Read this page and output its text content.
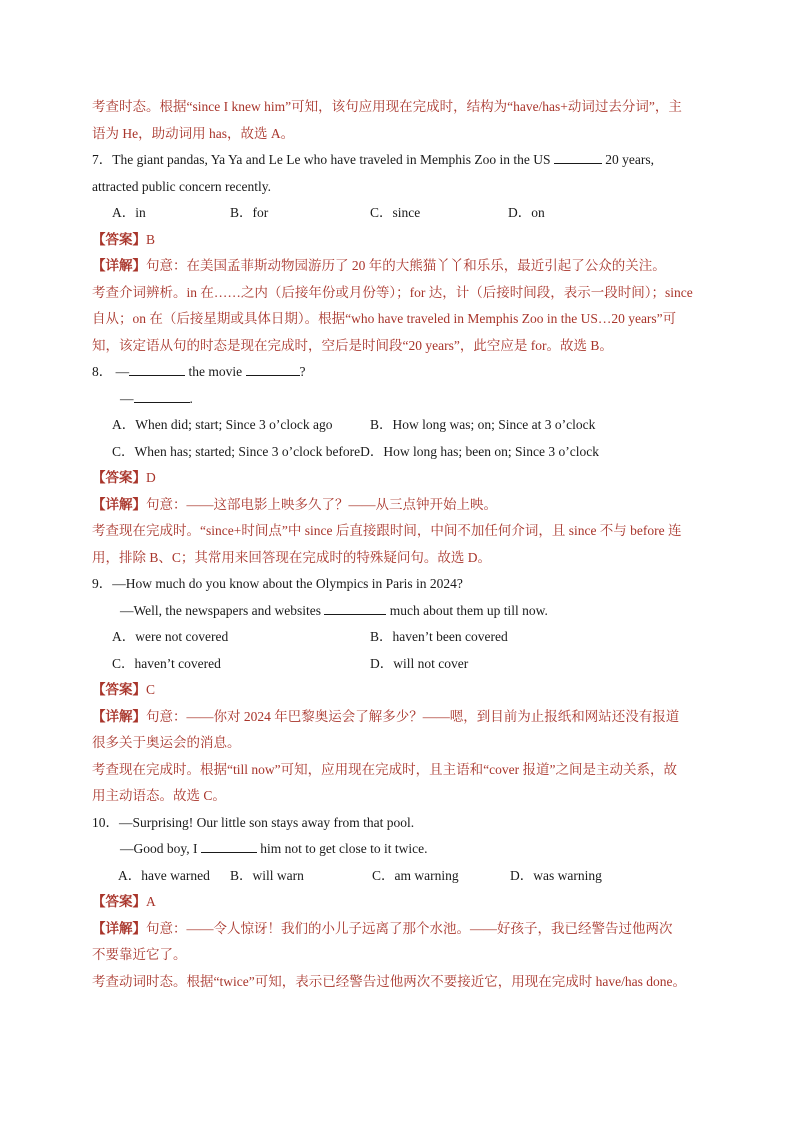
考查时态。根据“since I knew him”可知，该句应用现在完成时，结构为“have/has+动词过去分词”，主
语为 He，助动词用 has，故选 A。
7．The giant pandas, Ya Ya and Le Le who have traveled in Memphis Zoo in the US	20 years,
attracted public concern recently.
A．in	B．for	C．since	D．on
【答案】B
【详解】句意：在美国孟菲斯动物园游历了 20 年的大熊猫丫丫和乐乐，最近引起了公众的关注。
考查介词辨析。in 在……之内（后接年份或月份等）；for 达，计（后接时间段，表示一段时间）；since
自从；on 在（后接星期或具体日期）。根据“who have traveled in Memphis Zoo in the US…20 years”可
知，该定语从句的时态是现在完成时，空后是时间段“20 years”，此空应是 for。故选 B。
8． —	the movie	?
—	.
A．When did; start; Since 3 o’clock ago	B．How long was; on; Since at 3 o’clock
C．When has; started; Since 3 o’clock before D．How long has; been on; Since 3 o’clock
【答案】D
【详解】句意：——这部电影上映多久了？——从三点钟开始上映。
考查现在完成时。“since+时间点”中 since 后直接跟时间，中间不加任何介词，且 since 不与 before 连
用，排除 B、C；其常用来回答现在完成时的特殊疑问句。故选 D。
9．—How much do you know about the Olympics in Paris in 2024?
—Well, the newspapers and websites	much about them up till now.
A．were not covered	B．haven’t been covered
C．haven’t covered	D．will not cover
【答案】C
【详解】句意：——你对 2024 年巴黎奥运会了解多少？——嗯，到目前为止报纸和网站还没有报道
很多关于奥运会的消息。
考查现在完成时。根据“till now”可知，应用现在完成时，且主语和“cover 报道”之间是主动关系，故
用主动语态。故选 C。
10．—Surprising! Our little son stays away from that pool.
—Good boy, I	him not to get close to it twice.
A．have warned	B．will warn	C．am warning	D．was warning
【答案】A
【详解】句意：——令人惊讶！我们的小儿子远离了那个水池。——好孩子，我已经警告过他两次
不要靠近它了。
考查动词时态。根据“twice”可知，表示已经警告过他两次不要接近它，用现在完成时 have/has done。
